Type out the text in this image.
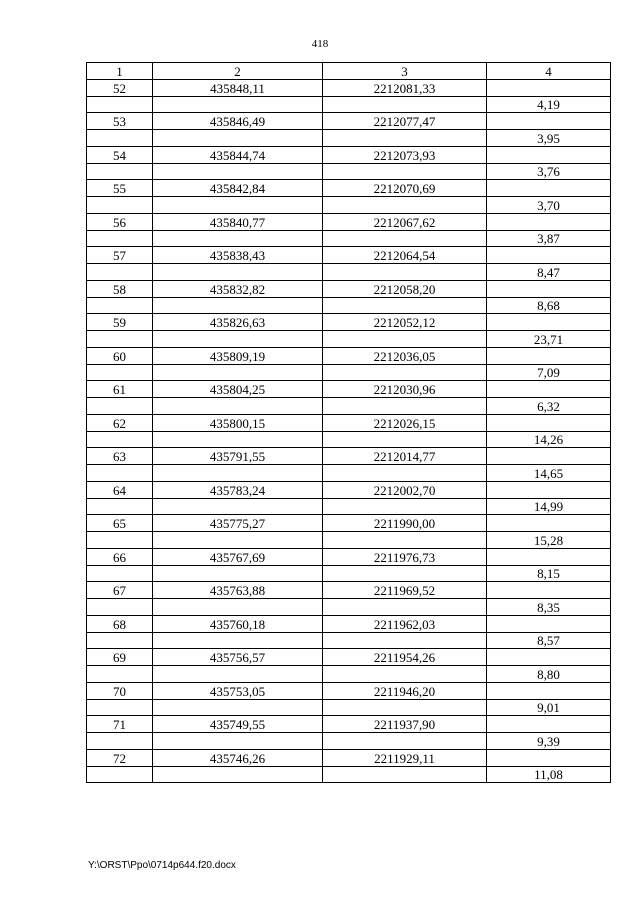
418
1	2	3	4
52	435848,11	2212081,33	
			4,19
53	435846,49	2212077,47	
			3,95
54	435844,74	2212073,93	
			3,76
55	435842,84	2212070,69	
			3,70
56	435840,77	2212067,62	
			3,87
57	435838,43	2212064,54	
			8,47
58	435832,82	2212058,20	
			8,68
59	435826,63	2212052,12	
			23,71
60	435809,19	2212036,05	
			7,09
61	435804,25	2212030,96	
			6,32
62	435800,15	2212026,15	
			14,26
63	435791,55	2212014,77	
			14,65
64	435783,24	2212002,70	
			14,99
65	435775,27	2211990,00	
			15,28
66	435767,69	2211976,73	
			8,15
67	435763,88	2211969,52	
			8,35
68	435760,18	2211962,03	
			8,57
69	435756,57	2211954,26	
			8,80
70	435753,05	2211946,20	
			9,01
71	435749,55	2211937,90	
			9,39
72	435746,26	2211929,11	
			11,08
Y:\ORST\Ppo\0714p644.f20.docx
